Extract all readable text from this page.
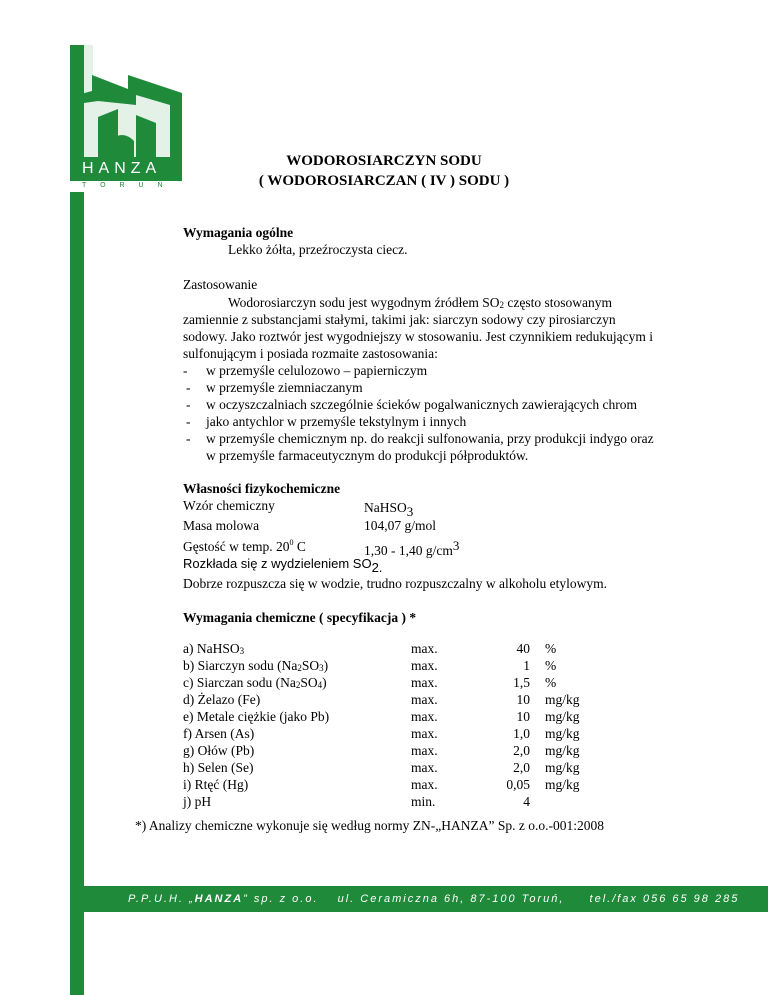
HANZA
T O R U Ń
WODOROSIARCZYN SODU
( WODOROSIARCZAN ( IV ) SODU )
Wymagania ogólne
Lekko żółta, przeźroczysta ciecz.
Zastosowanie
Wodorosiarczyn sodu jest wygodnym źródłem SO2 często stosowanym
zamiennie z substancjami stałymi, takimi jak: siarczyn sodowy czy pirosiarczyn
sodowy. Jako roztwór jest wygodniejszy w stosowaniu. Jest czynnikiem redukującym i
sulfonującym i posiada rozmaite zastosowania:
- w przemyśle celulozowo – papierniczym
- w przemyśle ziemniaczanym
- w oczyszczalniach szczególnie ścieków pogalwanicznych zawierających chrom
- jako antychlor w przemyśle tekstylnym i innych
- w przemyśle chemicznym np. do reakcji sulfonowania, przy produkcji indygo oraz
w przemyśle farmaceutycznym do produkcji półproduktów.
Własności fizykochemiczne
Wzór chemiczny	NaHSO3
Masa molowa	104,07 g/mol
Gęstość w temp. $20^0$ C	1,30 - 1,40 g/cm3
Rozkłada się z wydzieleniem SO2.
Dobrze rozpuszcza się w wodzie, trudno rozpuszczalny w alkoholu etylowym.
Wymagania chemiczne ( specyfikacja ) *
a) NaHSO3	max.	40	%
b) Siarczyn sodu (Na2SO3)	max.	1	%
c) Siarczan sodu (Na2SO4)	max.	1,5 %
d) Żelazo (Fe)	max.	10	mg/kg
e) Metale ciężkie (jako Pb)	max.	10	mg/kg
f) Arsen (As)	max.	1,0 mg/kg
g) Ołów (Pb)	max.	2,0 mg/kg
h) Selen (Se)	max.	2,0 mg/kg
i) Rtęć (Hg)	max.	0,05 mg/kg
j) pH	min.	4
*) Analizy chemiczne wykonuje się według normy ZN-„HANZA” Sp. z o.o.-001:2008
P.P.U.H. „HANZA” sp. z o.o. ul. Ceramiczna 6h, 87-100 Toruń, tel./fax 056 65 98 285
